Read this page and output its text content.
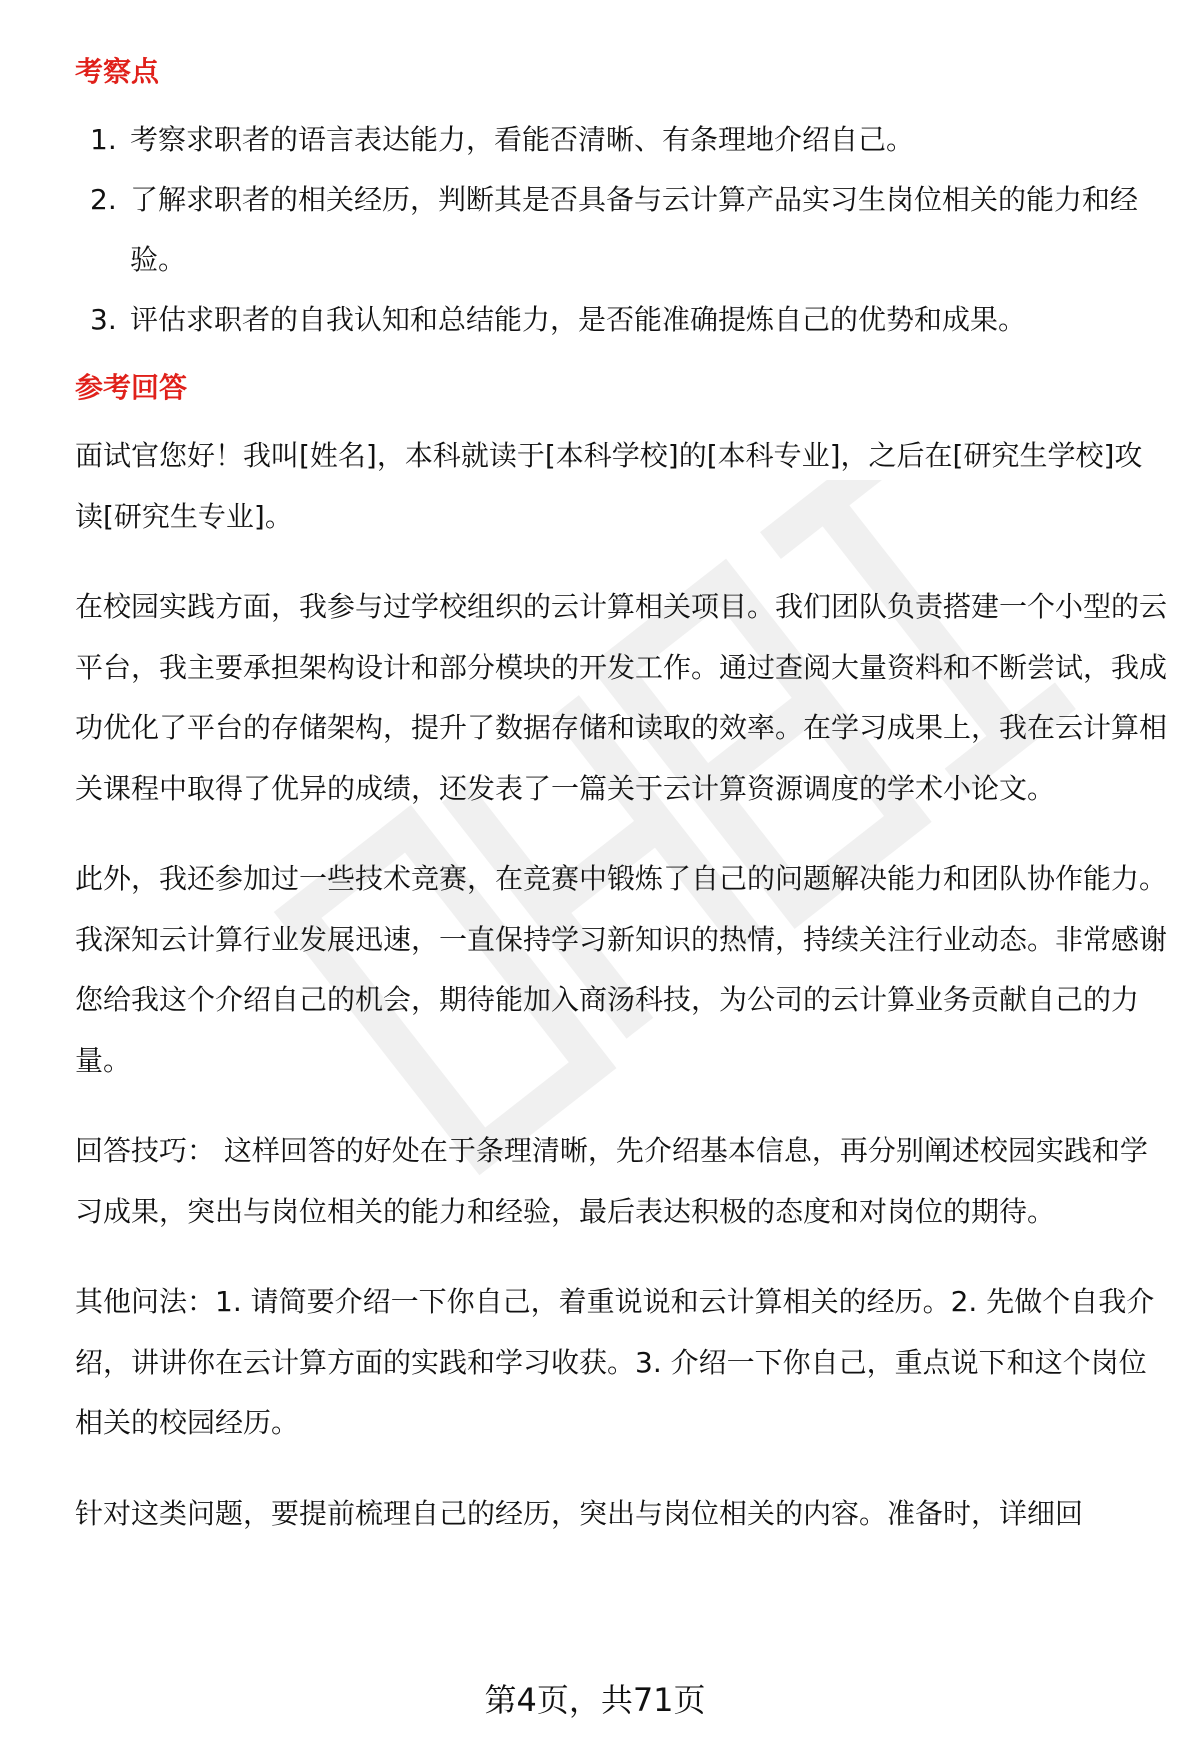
考察点
1. 考察求职者的语言表达能力，看能否清晰、有条理地介绍自己。
2. 了解求职者的相关经历，判断其是否具备与云计算产品实习生岗位相关的能力和经验。
3. 评估求职者的自我认知和总结能力，是否能准确提炼自己的优势和成果。
参考回答

面试官您好！我叫[姓名]，本科就读于[本科学校]的[本科专业]，之后在[研究生学校]攻读[研究生专业]。

在校园实践方面，我参与过学校组织的云计算相关项目。我们团队负责搭建一个小型的云平台，我主要承担架构设计和部分模块的开发工作。通过查阅大量资料和不断尝试，我成功优化了平台的存储架构，提升了数据存储和读取的效率。在学习成果上，我在云计算相关课程中取得了优异的成绩，还发表了一篇关于云计算资源调度的学术小论文。

此外，我还参加过一些技术竞赛，在竞赛中锻炼了自己的问题解决能力和团队协作能力。我深知云计算行业发展迅速，一直保持学习新知识的热情，持续关注行业动态。非常感谢您给我这个介绍自己的机会，期待能加入商汤科技，为公司的云计算业务贡献自己的力量。

回答技巧： 这样回答的好处在于条理清晰，先介绍基本信息，再分别阐述校园实践和学习成果，突出与岗位相关的能力和经验，最后表达积极的态度和对岗位的期待。

其他问法：1. 请简要介绍一下你自己，着重说说和云计算相关的经历。2. 先做个自我介绍，讲讲你在云计算方面的实践和学习收获。3. 介绍一下你自己，重点说下和这个岗位相关的校园经历。

针对这类问题，要提前梳理自己的经历，突出与岗位相关的内容。准备时，详细回

第4页，共71页
